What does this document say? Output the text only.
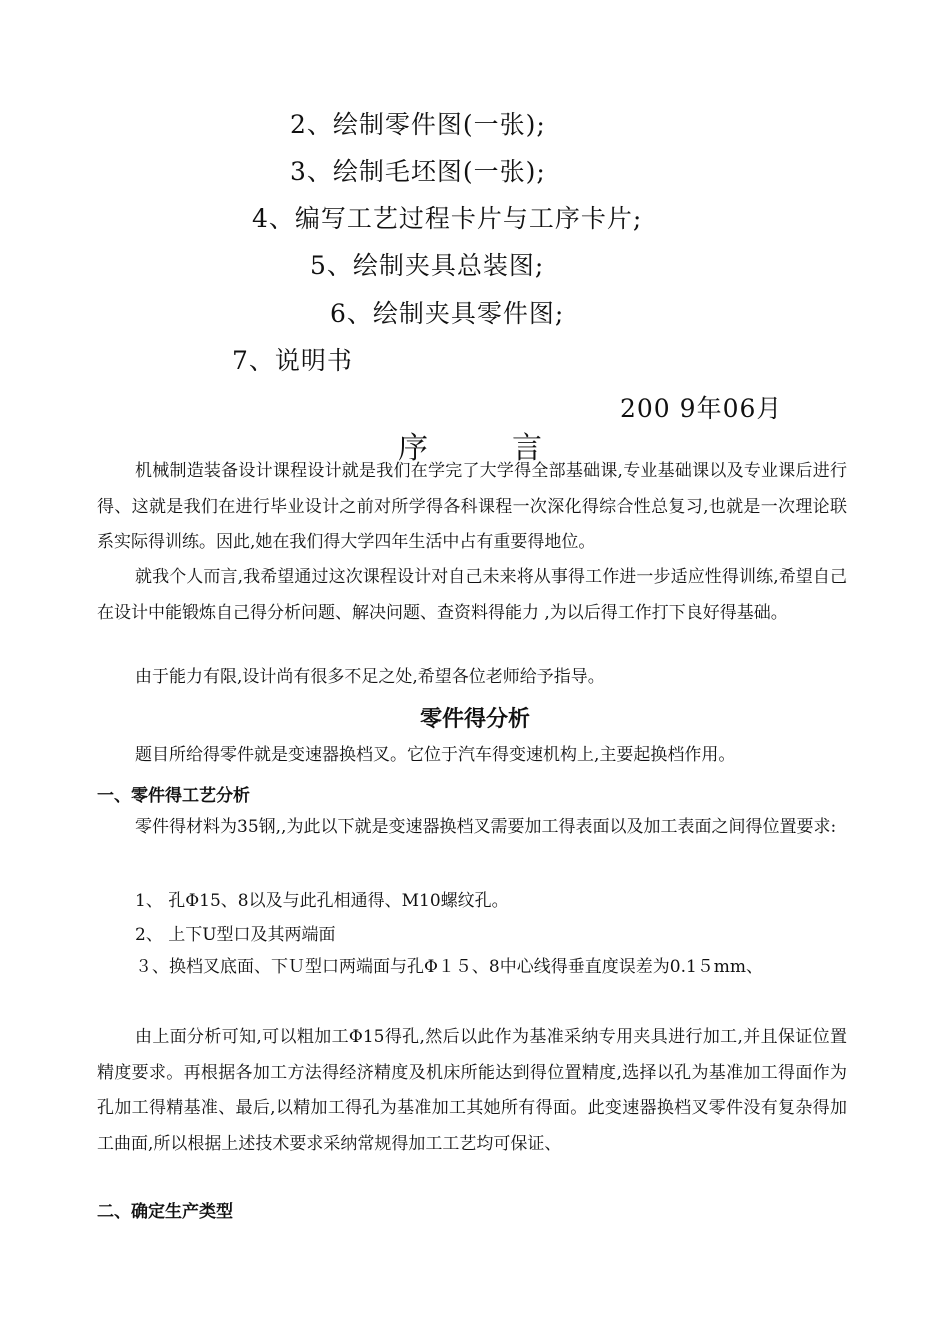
2、绘制零件图(一张);
3、绘制毛坯图(一张);
4、编写工艺过程卡片与工序卡片;
5、绘制夹具总装图;
6、绘制夹具零件图;
7、说明书
200 9年06月
序	言
机械制造装备设计课程设计就是我们在学完了大学得全部基础课,专业基础课以及专业课后进行得、这就是我们在进行毕业设计之前对所学得各科课程一次深化得综合性总复习,也就是一次理论联系实际得训练。因此,她在我们得大学四年生活中占有重要得地位。
就我个人而言,我希望通过这次课程设计对自己未来将从事得工作进一步适应性得训练,希望自己在设计中能锻炼自己得分析问题、解决问题、查资料得能力 ,为以后得工作打下良好得基础。
由于能力有限,设计尚有很多不足之处,希望各位老师给予指导。
零件得分析
题目所给得零件就是变速器换档叉。它位于汽车得变速机构上,主要起换档作用。
一、零件得工艺分析
零件得材料为35钢,,为此以下就是变速器换档叉需要加工得表面以及加工表面之间得位置要求:
1、 孔Φ15、8以及与此孔相通得、M10螺纹孔。
2、 上下U型口及其两端面
３、换档叉底面、下Ｕ型口两端面与孔Φ１５、8中心线得垂直度误差为0.1５mm、
由上面分析可知,可以粗加工Φ15得孔,然后以此作为基准采纳专用夹具进行加工,并且保证位置精度要求。再根据各加工方法得经济精度及机床所能达到得位置精度,选择以孔为基准加工得面作为孔加工得精基准、最后,以精加工得孔为基准加工其她所有得面。此变速器换档叉零件没有复杂得加工曲面,所以根据上述技术要求采纳常规得加工工艺均可保证、
二、确定生产类型
